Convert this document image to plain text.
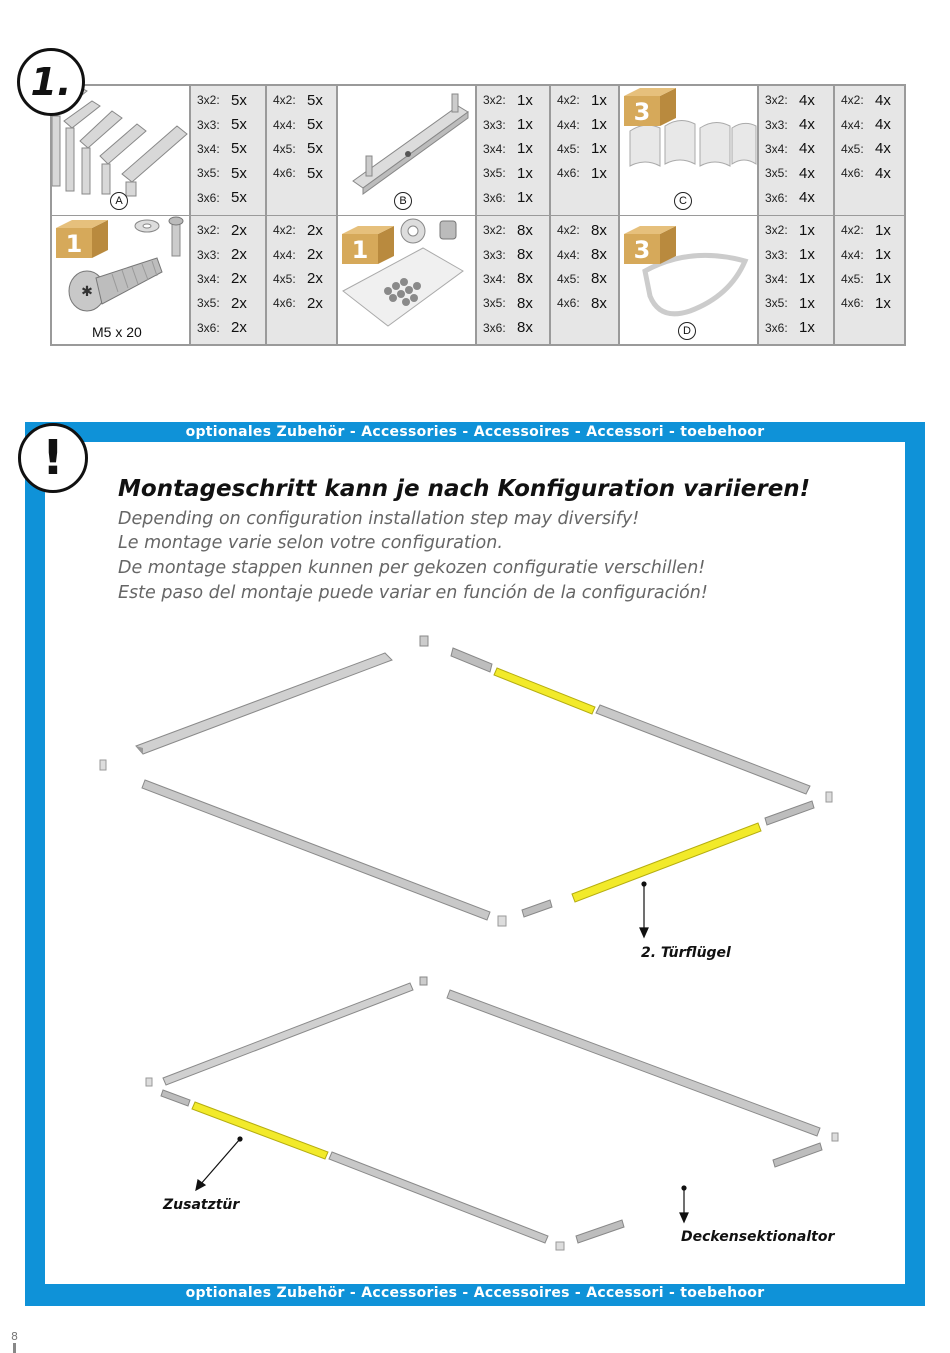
1.
A
3x2: 5x
3x3: 5x
3x4: 5x
3x5: 5x
3x6: 5x
4x2: 5x
4x4: 5x
4x5: 5x
4x6: 5x
B
3x2: 1x
3x3: 1x
3x4: 1x
3x5: 1x
3x6: 1x
4x2: 1x
4x4: 1x
4x5: 1x
4x6: 1x
3
C
3x2: 4x
3x3: 4x
3x4: 4x
3x5: 4x
3x6: 4x
4x2: 4x
4x4: 4x
4x5: 4x
4x6: 4x
1
✱
M5 x 20
3x2: 2x
3x3: 2x
3x4: 2x
3x5: 2x
3x6: 2x
4x2: 2x
4x4: 2x
4x5: 2x
4x6: 2x
1
3x2: 8x
3x3: 8x
3x4: 8x
3x5: 8x
3x6: 8x
4x2: 8x
4x4: 8x
4x5: 8x
4x6: 8x
3
D
3x2: 1x
3x3: 1x
3x4: 1x
3x5: 1x
3x6: 1x
4x2: 1x
4x4: 1x
4x5: 1x
4x6: 1x
optionales Zubehör - Accessories - Accessoires - Accessori - toebehoor
optionales Zubehör - Accessories - Accessoires - Accessori - toebehoor
!
Montageschritt kann je nach Konfiguration variieren!
Depending on configuration installation step may diversify!
Le montage varie selon votre configuration.
De montage stappen kunnen per gekozen configuratie verschillen!
Este paso del montaje puede variar en función de la configuración!
2. Türflügel
Zusatztür
Deckensektionaltor
8
